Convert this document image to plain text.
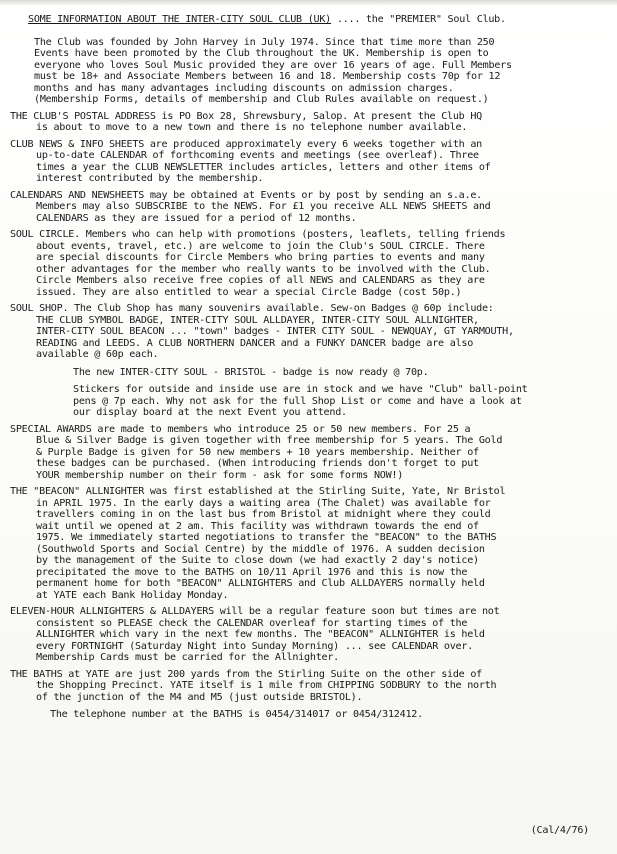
SOME INFORMATION ABOUT THE INTER-CITY SOUL CLUB (UK) .... the "PREMIER" Soul Club.

The Club was founded by John Harvey in July 1974. Since that time more than 250

Events have been promoted by the Club throughout the UK. Membership is open to

everyone who loves Soul Music provided they are over 16 years of age. Full Members

must be 18+ and Associate Members between 16 and 18. Membership costs 70p for 12

months and has many advantages including discounts on admission charges.

(Membership Forms, details of membership and Club Rules available on request.)

THE CLUB'S POSTAL ADDRESS is PO Box 28, Shrewsbury, Salop. At present the Club HQ

is about to move to a new town and there is no telephone number available.

CLUB NEWS & INFO SHEETS are produced approximately every 6 weeks together with an

up-to-date CALENDAR of forthcoming events and meetings (see overleaf). Three

times a year the CLUB NEWSLETTER includes articles, letters and other items of

interest contributed by the membership.

CALENDARS AND NEWSHEETS may be obtained at Events or by post by sending an s.a.e.

Members may also SUBSCRIBE to the NEWS. For £1 you receive ALL NEWS SHEETS and

CALENDARS as they are issued for a period of 12 months.

SOUL CIRCLE. Members who can help with promotions (posters, leaflets, telling friends

about events, travel, etc.) are welcome to join the Club's SOUL CIRCLE. There

are special discounts for Circle Members who bring parties to events and many

other advantages for the member who really wants to be involved with the Club.

Circle Members also receive free copies of all NEWS and CALENDARS as they are

issued. They are also entitled to wear a special Circle Badge (cost 50p.)

SOUL SHOP. The Club Shop has many souvenirs available. Sew-on Badges @ 60p include:

THE CLUB SYMBOL BADGE, INTER-CITY SOUL ALLDAYER, INTER-CITY SOUL ALLNIGHTER,

INTER-CITY SOUL BEACON ... "town" badges - INTER CITY SOUL - NEWQUAY, GT YARMOUTH,

READING and LEEDS. A CLUB NORTHERN DANCER and a FUNKY DANCER badge are also

available @ 60p each.

The new INTER-CITY SOUL - BRISTOL - badge is now ready @ 70p.

Stickers for outside and inside use are in stock and we have "Club" ball-point

pens @ 7p each. Why not ask for the full Shop List or come and have a look at

our display board at the next Event you attend.

SPECIAL AWARDS are made to members who introduce 25 or 50 new members. For 25 a

Blue & Silver Badge is given together with free membership for 5 years. The Gold

& Purple Badge is given for 50 new members + 10 years membership. Neither of

these badges can be purchased. (When introducing friends don't forget to put

YOUR membership number on their form - ask for some forms NOW!)

THE "BEACON" ALLNIGHTER was first established at the Stirling Suite, Yate, Nr Bristol

in APRIL 1975. In the early days a waiting area (The Chalet) was available for

travellers coming in on the last bus from Bristol at midnight where they could

wait until we opened at 2 am. This facility was withdrawn towards the end of

1975. We immediately started negotiations to transfer the "BEACON" to the BATHS

(Southwold Sports and Social Centre) by the middle of 1976. A sudden decision

by the management of the Suite to close down (we had exactly 2 day's notice)

precipitated the move to the BATHS on 10/11 April 1976 and this is now the

permanent home for both "BEACON" ALLNIGHTERS and Club ALLDAYERS normally held

at YATE each Bank Holiday Monday.

ELEVEN-HOUR ALLNIGHTERS & ALLDAYERS will be a regular feature soon but times are not

consistent so PLEASE check the CALENDAR overleaf for starting times of the

ALLNIGHTER which vary in the next few months. The "BEACON" ALLNIGHTER is held

every FORTNIGHT (Saturday Night into Sunday Morning) ... see CALENDAR over.

Membership Cards must be carried for the Allnighter.

THE BATHS at YATE are just 200 yards from the Stirling Suite on the other side of

the Shopping Precinct. YATE itself is 1 mile from CHIPPING SODBURY to the north

of the junction of the M4 and M5 (just outside BRISTOL).

The telephone number at the BATHS is 0454/314017 or 0454/312412.

(Cal/4/76)
